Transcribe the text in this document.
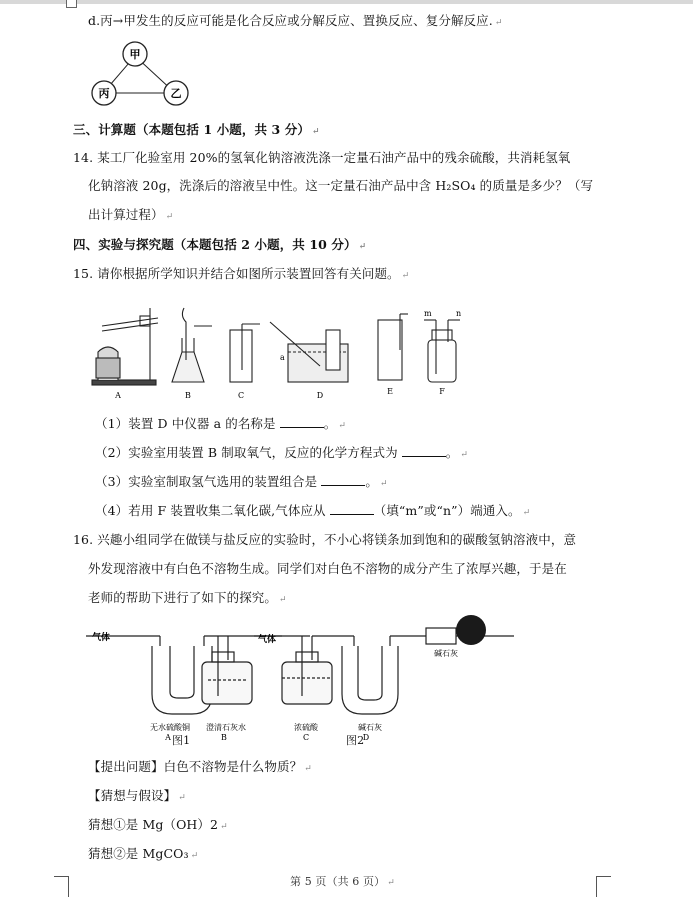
d.丙→甲发生的反应可能是化合反应或分解反应、置换反应、复分解反应. ↵
甲
丙	乙
三、计算题（本题包括 1 小题，共 3 分） ↵
14. 某工厂化验室用 20%的氢氧化钠溶液洗涤一定量石油产品中的残余硫酸，共消耗氢氧
化钠溶液 20g，洗涤后的溶液呈中性。这一定量石油产品中含 H₂SO₄ 的质量是多少？（写
出计算过程） ↵
四、实验与探究题（本题包括 2 小题，共 10 分） ↵
15. 请你根据所学知识并结合如图所示装置回答有关问题。 ↵
m	n
a
A	B	C	D	E	F
（1）装置 D 中仪器 a 的名称是	。 ↵
（2）实验室用装置 B 制取氧气，反应的化学方程式为	。 ↵
（3）实验室制取氢气选用的装置组合是	。 ↵
（4）若用 F 装置收集二氧化碳,气体应从	（填“m”或“n”）端通入。 ↵
16. 兴趣小组同学在做镁与盐反应的实验时，不小心将镁条加到饱和的碳酸氢钠溶液中，意
外发现溶液中有白色不溶物生成。同学们对白色不溶物的成分产生了浓厚兴趣，于是在
老师的帮助下进行了如下的探究。 ↵
气体	气体
碱石灰
无水硫酸铜 澄清石灰水	浓硫酸	碱石灰
A	B	C	D
图1	图2
【提出问题】白色不溶物是什么物质？ ↵
【猜想与假设】 ↵
猜想①是 Mg（OH）2 ↵
猜想②是 MgCO₃ ↵
第 5 页（共 6 页） ↵
